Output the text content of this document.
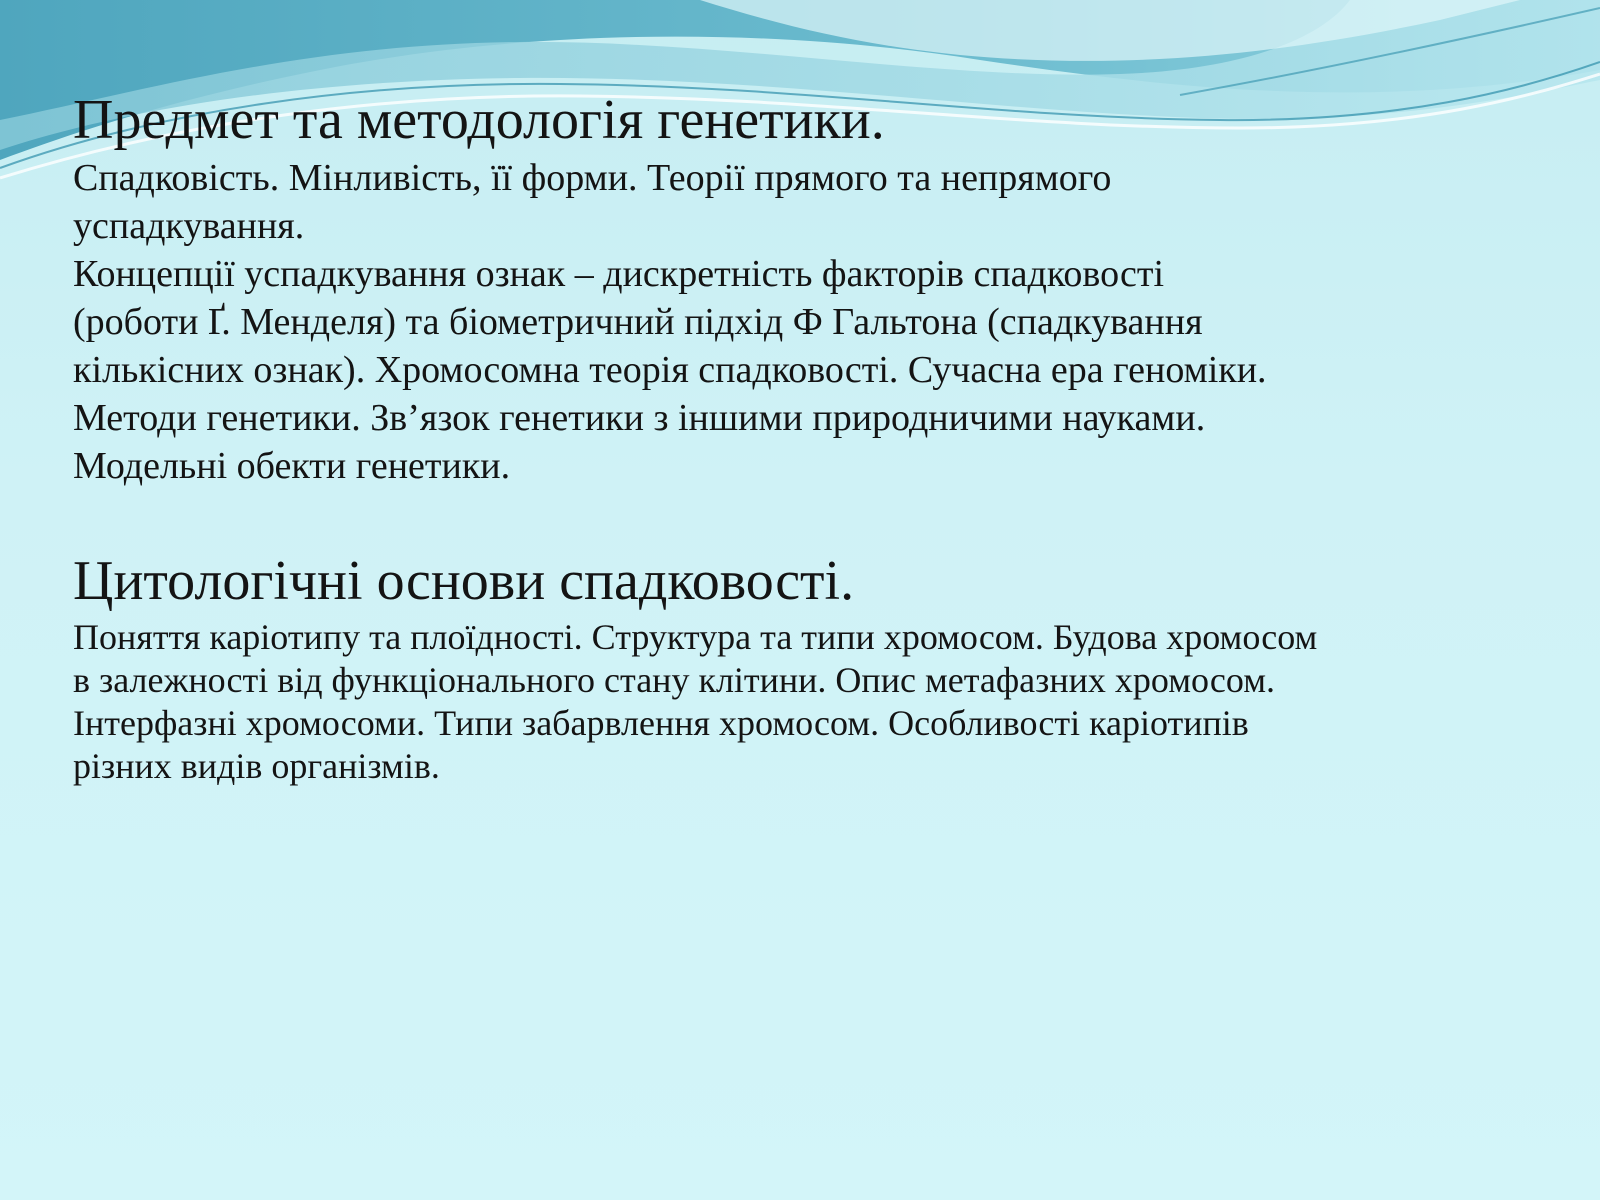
Предмет та методологія генетики.

Спадковість. Мінливість, її форми. Теорії прямого та непрямого
успадкування.
Концепції успадкування ознак – дискретність факторів спадковості
(роботи Ґ. Менделя) та біометричний підхід Ф Гальтона (спадкування
кількісних ознак). Хромосомна теорія спадковості. Сучасна ера геноміки.
Методи генетики. Зв’язок генетики з іншими природничими науками.
Модельні обекти генетики.

Цитологічні основи спадковості.

Поняття каріотипу та плоїдності. Структура та типи хромосом. Будова хромосом
в залежності від функціонального стану клітини. Опис метафазних хромосом.
Інтерфазні хромосоми. Типи забарвлення хромосом. Особливості каріотипів
різних видів організмів.
